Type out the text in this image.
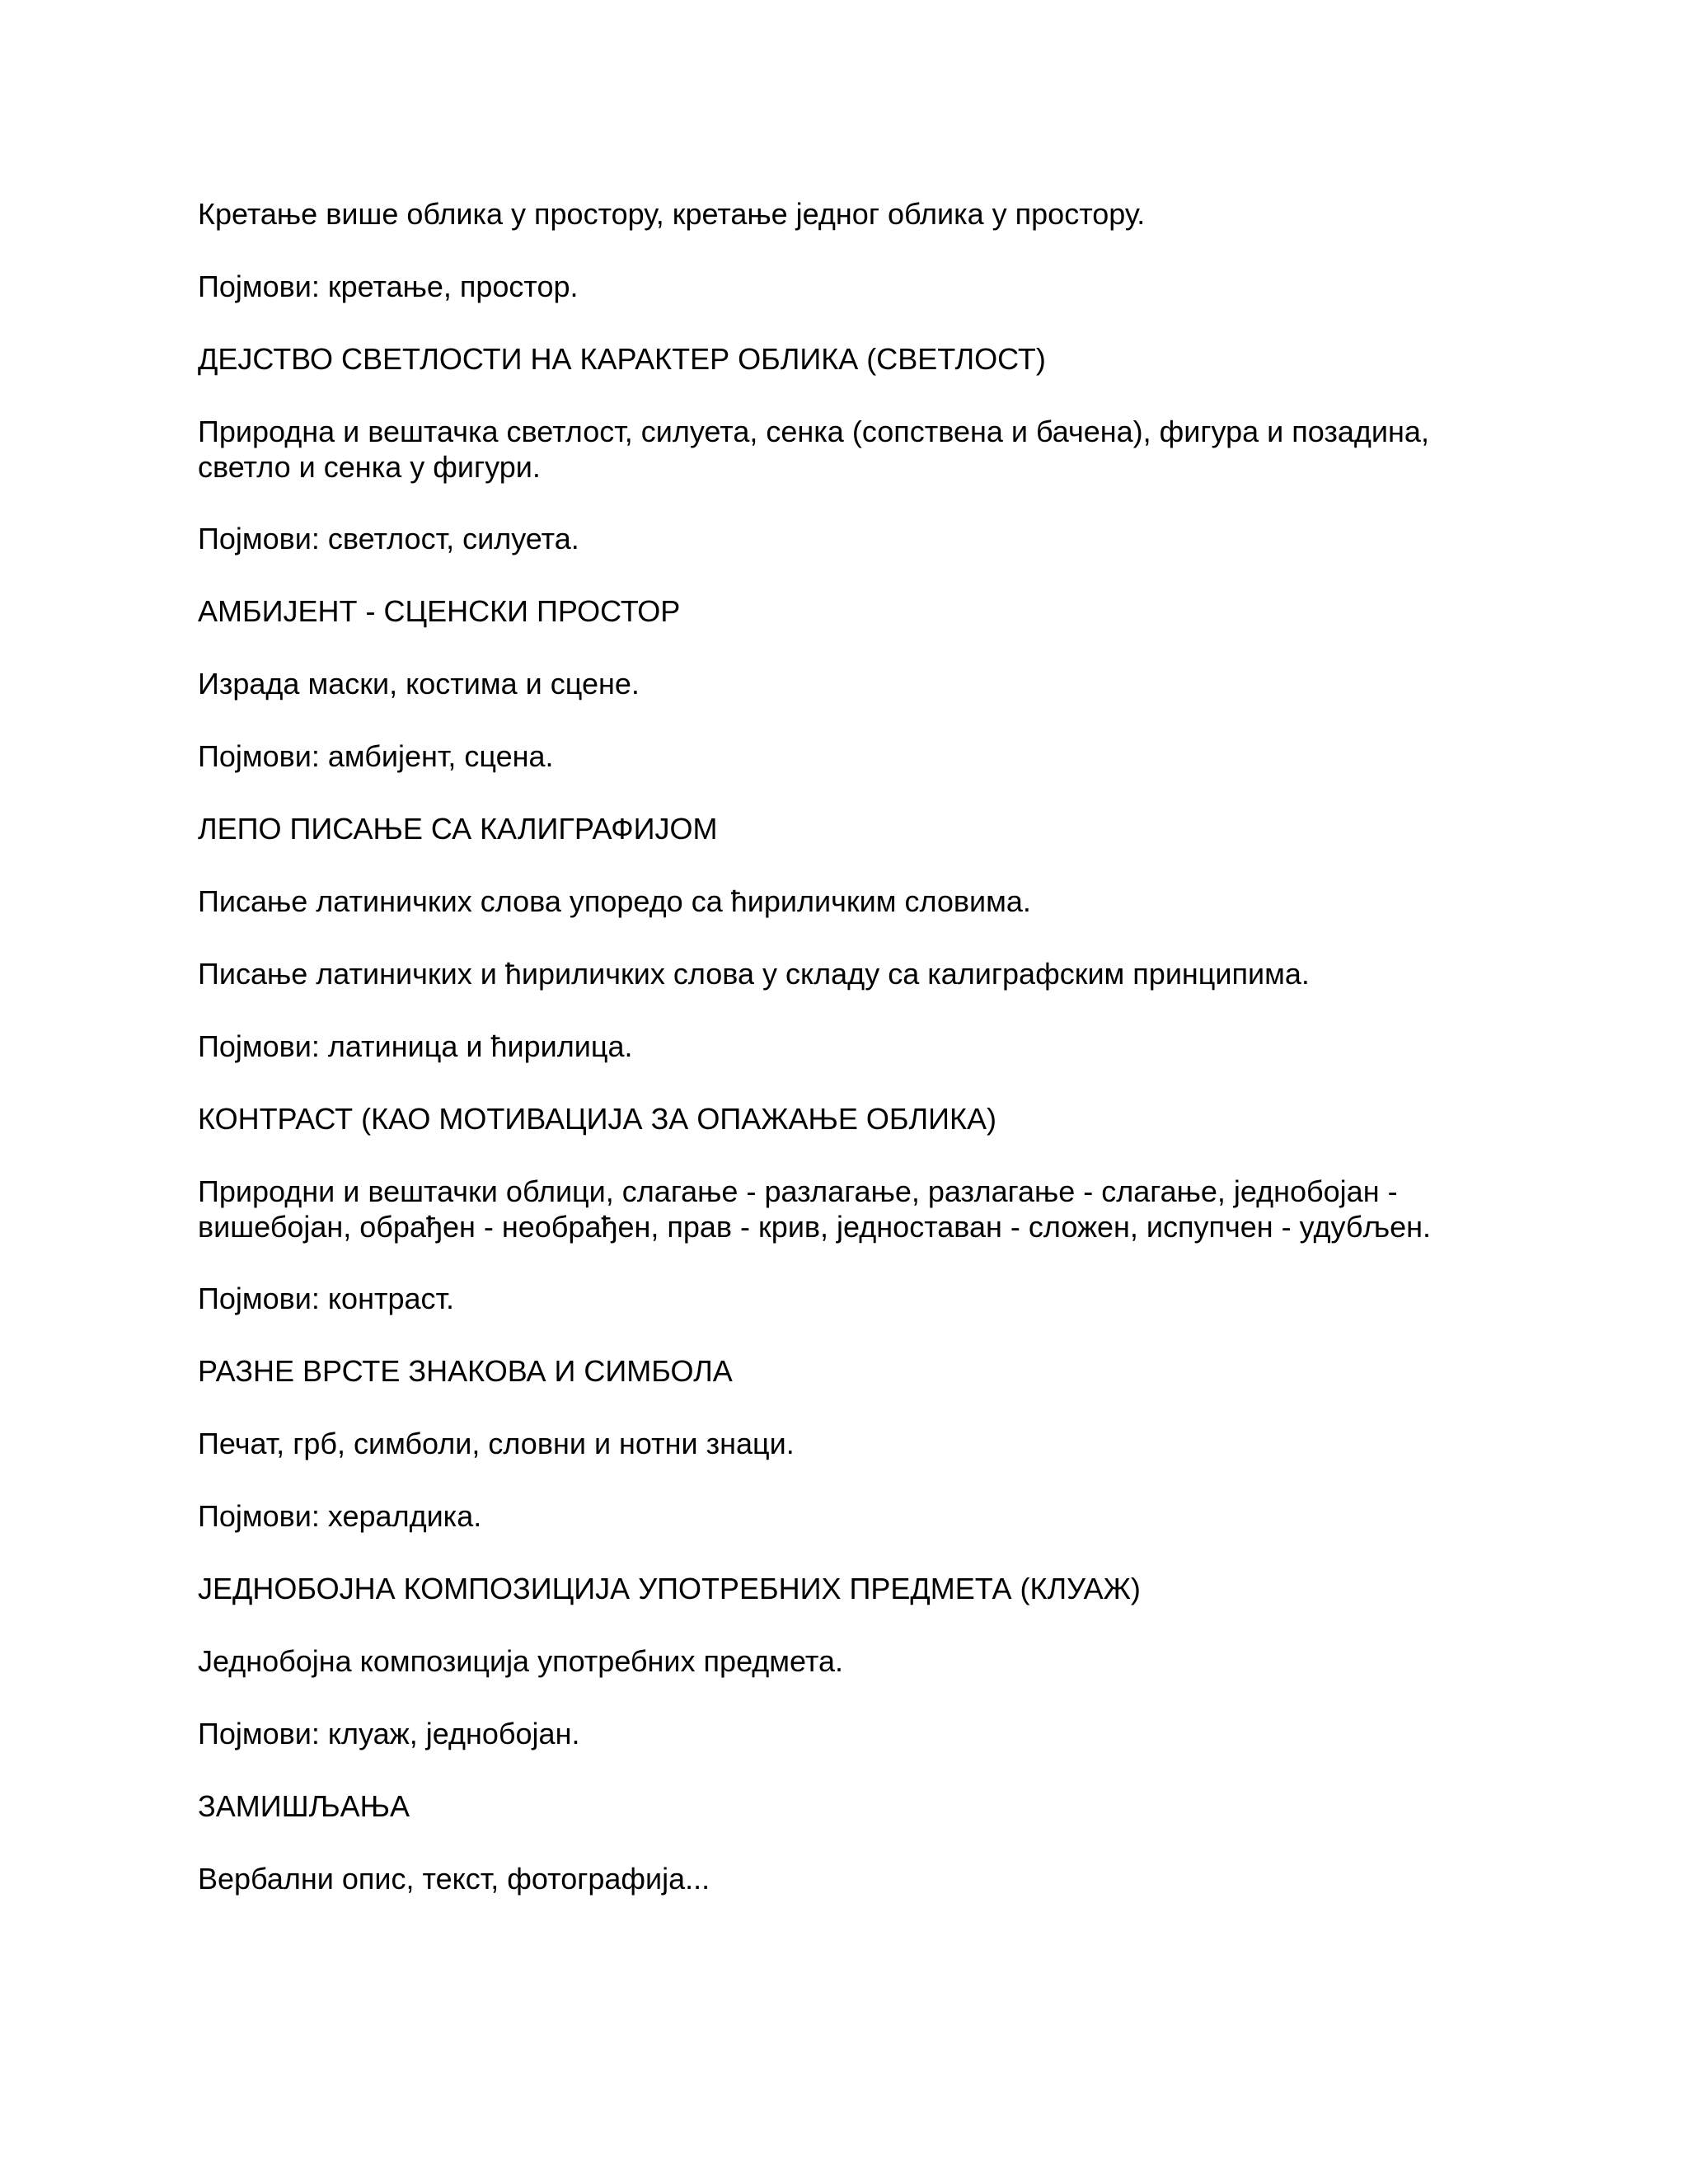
Кретање више облика у простору, кретање једног облика у простору.

Појмови: кретање, простор.

ДЕЈСТВО СВЕТЛОСТИ НА КАРАКТЕР ОБЛИКА (СВЕТЛОСТ)

Природна и вештачка светлост, силуета, сенка (сопствена и бачена), фигура и позадина, светло и сенка у фигури.

Појмови: светлост, силуета.

АМБИЈЕНТ - СЦЕНСКИ ПРОСТОР

Израда маски, костима и сцене.

Појмови: амбијент, сцена.

ЛЕПО ПИСАЊЕ СА КАЛИГРАФИЈОМ

Писање латиничких слова упоредо са ћириличким словима.

Писање латиничких и ћириличких слова у складу са калиграфским принципима.

Појмови: латиница и ћирилица.

КОНТРАСТ (КАО МОТИВАЦИЈА ЗА ОПАЖАЊЕ ОБЛИКА)

Природни и вештачки облици, слагање - разлагање, разлагање - слагање, једнобојан - вишебојан, обрађен - необрађен, прав - крив, једноставан - сложен, испупчен - удубљен.

Појмови: контраст.

РАЗНЕ ВРСТЕ ЗНАКОВА И СИМБОЛА

Печат, грб, симболи, словни и нотни знаци.

Појмови: хералдика.

ЈЕДНОБОЈНА КОМПОЗИЦИЈА УПОТРЕБНИХ ПРЕДМЕТА (КЛУАЖ)

Једнобојна композиција употребних предмета.

Појмови: клуаж, једнобојан.

ЗАМИШЉАЊА

Вербални опис, текст, фотографија...
